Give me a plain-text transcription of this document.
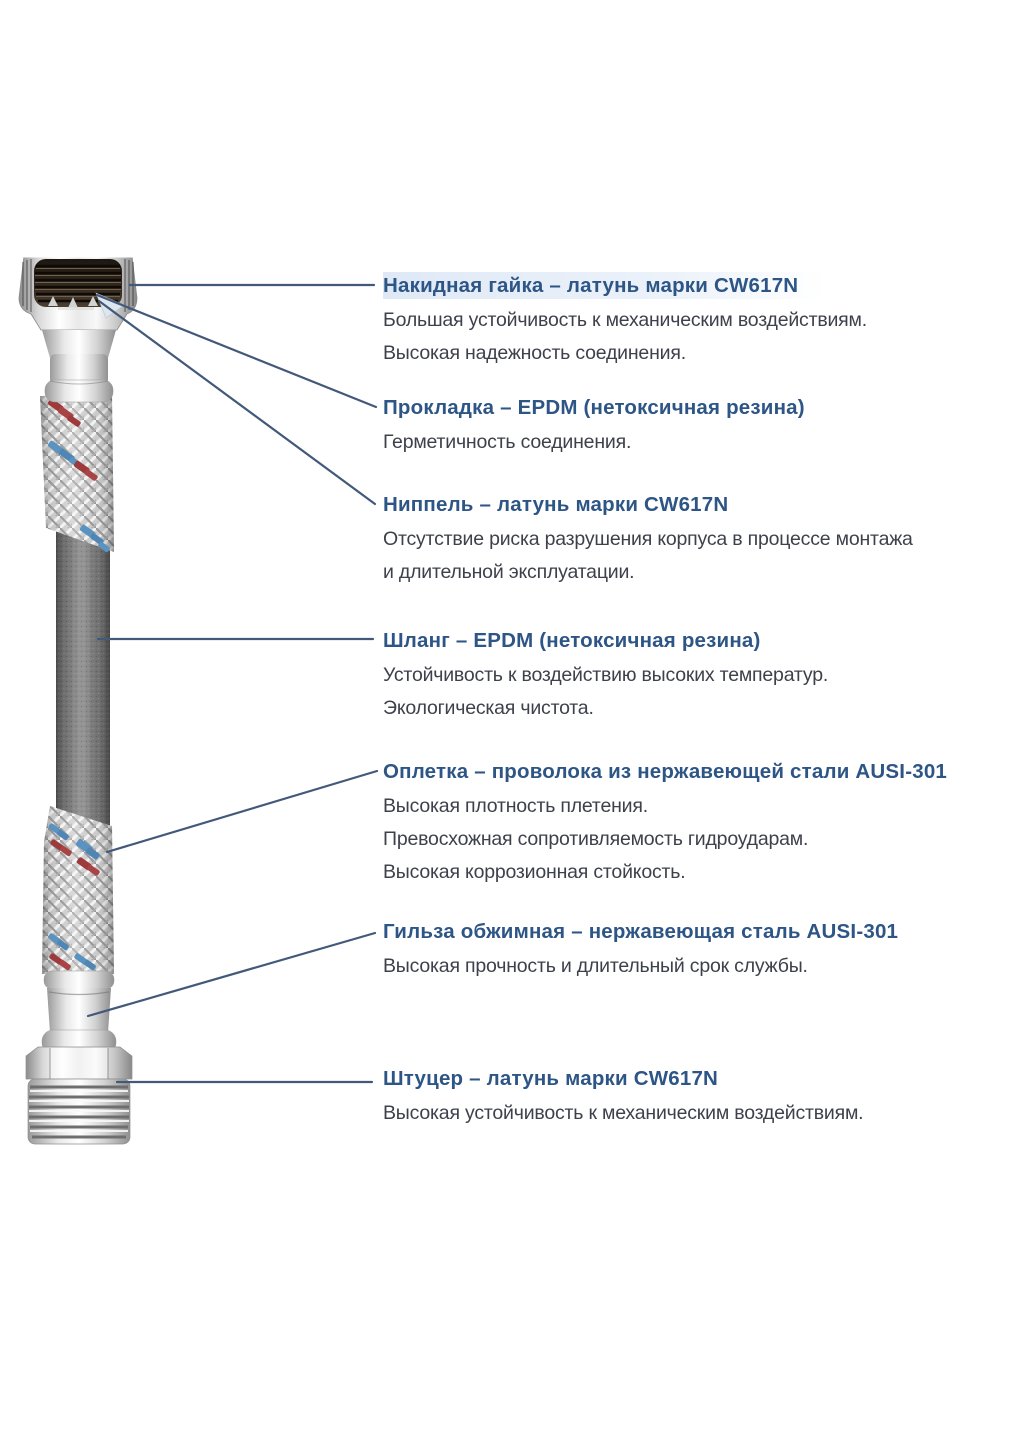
Накидная гайка – латунь марки CW617N
Большая устойчивость к механическим воздействиям.
Высокая надежность соединения.
Прокладка – EPDM (нетоксичная резина)
Герметичность соединения.
Ниппель – латунь марки CW617N
Отсутствие риска разрушения корпуса в процессе монтажа
и длительной эксплуатации.
Шланг – EPDM (нетоксичная резина)
Устойчивость к воздействию высоких температур.
Экологическая чистота.
Оплетка – проволока из нержавеющей стали AUSI-301
Высокая плотность плетения.
Превосхожная сопротивляемость гидроударам.
Высокая коррозионная стойкость.
Гильза обжимная – нержавеющая сталь AUSI-301
Высокая прочность и длительный срок службы.
Штуцер – латунь марки CW617N
Высокая устойчивость к механическим воздействиям.
